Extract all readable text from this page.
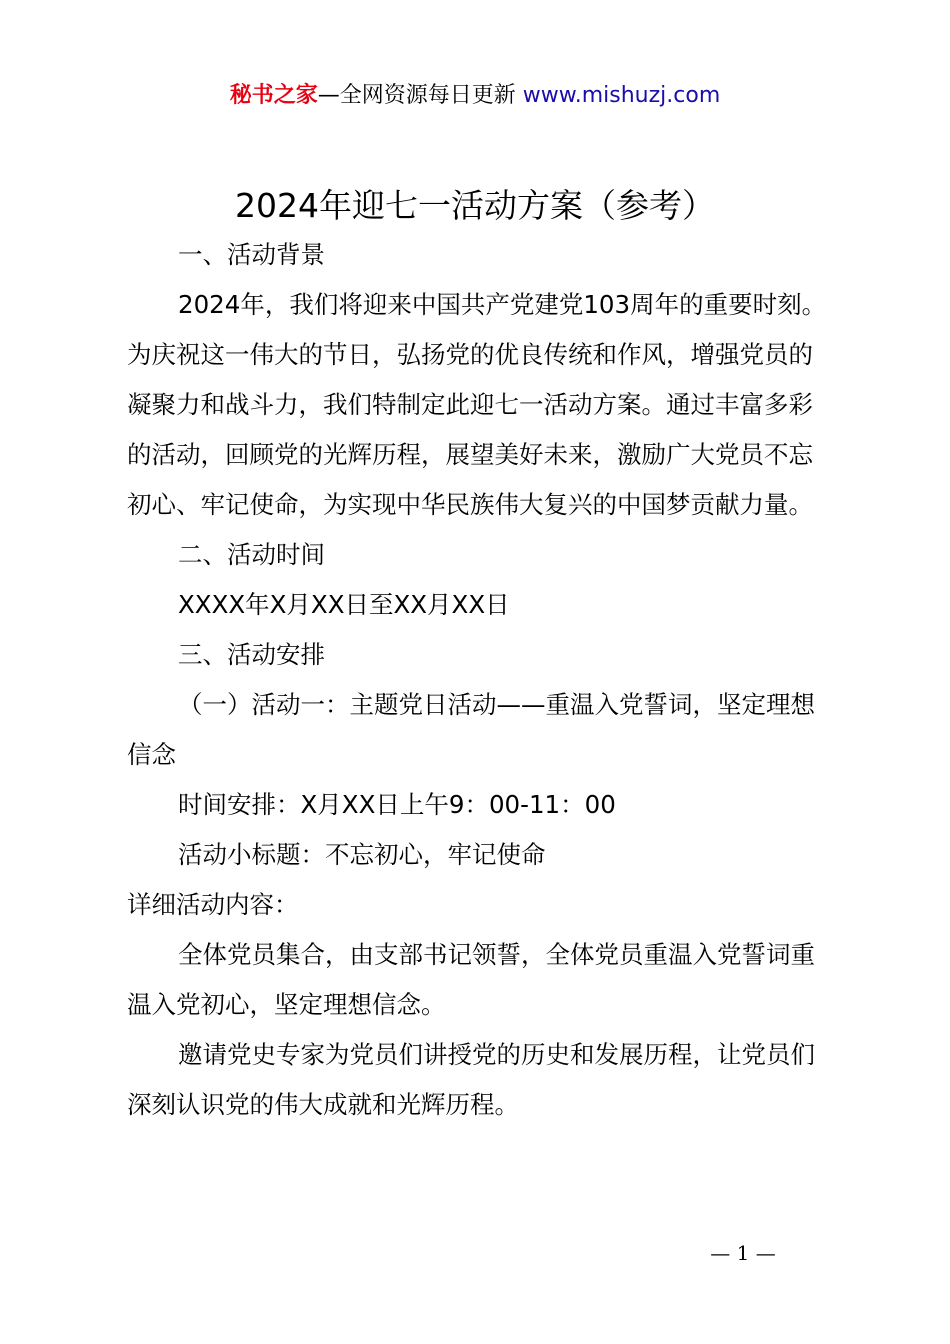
秘书之家—全网资源每日更新 www.mishuzj.com
2024年迎七一活动方案（参考）

一、活动背景

2024年，我们将迎来中国共产党建党103周年的重要时刻。为庆祝这一伟大的节日，弘扬党的优良传统和作风，增强党员的凝聚力和战斗力，我们特制定此迎七一活动方案。通过丰富多彩的活动，回顾党的光辉历程，展望美好未来，激励广大党员不忘初心、牢记使命，为实现中华民族伟大复兴的中国梦贡献力量。

二、活动时间

XXXX年X月XX日至XX月XX日

三、活动安排

（一）活动一：主题党日活动——重温入党誓词，坚定理想信念

时间安排：X月XX日上午9：00-11：00

活动小标题：不忘初心，牢记使命

详细活动内容：

全体党员集合，由支部书记领誓，全体党员重温入党誓词重温入党初心，坚定理想信念。

邀请党史专家为党员们讲授党的历史和发展历程，让党员们深刻认识党的伟大成就和光辉历程。

— 1 —
